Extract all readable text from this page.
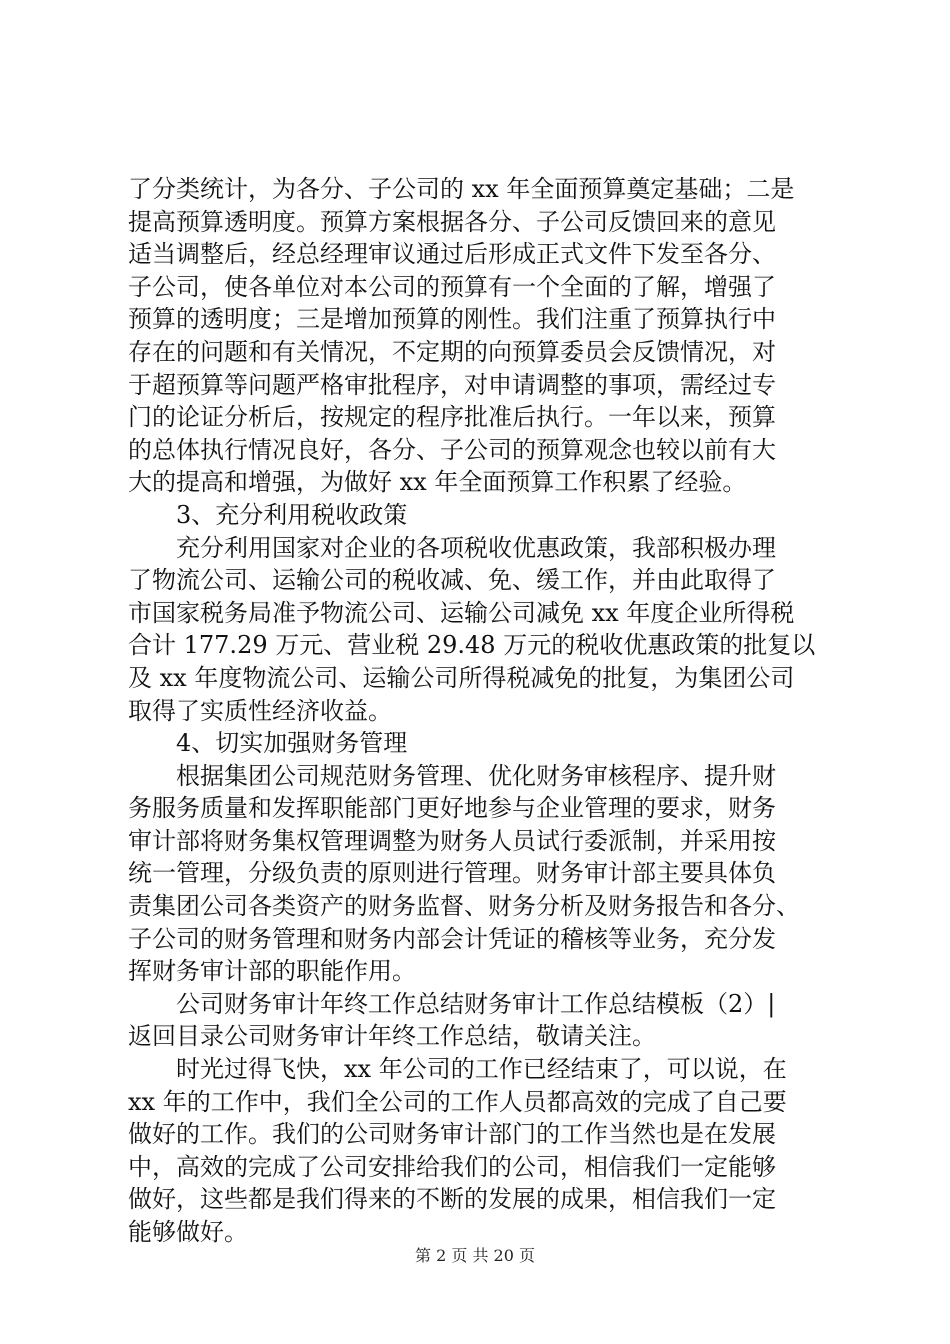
了分类统计，为各分、子公司的 xx 年全面预算奠定基础；二是
提高预算透明度。预算方案根据各分、子公司反馈回来的意见
适当调整后，经总经理审议通过后形成正式文件下发至各分、
子公司，使各单位对本公司的预算有一个全面的了解，增强了
预算的透明度；三是增加预算的刚性。我们注重了预算执行中
存在的问题和有关情况，不定期的向预算委员会反馈情况，对
于超预算等问题严格审批程序，对申请调整的事项，需经过专
门的论证分析后，按规定的程序批准后执行。一年以来，预算
的总体执行情况良好，各分、子公司的预算观念也较以前有大
大的提高和增强，为做好 xx 年全面预算工作积累了经验。
3、充分利用税收政策
充分利用国家对企业的各项税收优惠政策，我部积极办理
了物流公司、运输公司的税收减、免、缓工作，并由此取得了
市国家税务局准予物流公司、运输公司减免 xx 年度企业所得税
合计 177.29 万元、营业税 29.48 万元的税收优惠政策的批复以
及 xx 年度物流公司、运输公司所得税减免的批复，为集团公司
取得了实质性经济收益。
4、切实加强财务管理
根据集团公司规范财务管理、优化财务审核程序、提升财
务服务质量和发挥职能部门更好地参与企业管理的要求，财务
审计部将财务集权管理调整为财务人员试行委派制，并采用按
统一管理，分级负责的原则进行管理。财务审计部主要具体负
责集团公司各类资产的财务监督、财务分析及财务报告和各分、
子公司的财务管理和财务内部会计凭证的稽核等业务，充分发
挥财务审计部的职能作用。
公司财务审计年终工作总结财务审计工作总结模板（2）|
返回目录公司财务审计年终工作总结，敬请关注。
时光过得飞快，xx 年公司的工作已经结束了，可以说，在
xx 年的工作中，我们全公司的工作人员都高效的完成了自己要
做好的工作。我们的公司财务审计部门的工作当然也是在发展
中，高效的完成了公司安排给我们的公司，相信我们一定能够
做好，这些都是我们得来的不断的发展的成果，相信我们一定
能够做好。
第 2 页 共 20 页
